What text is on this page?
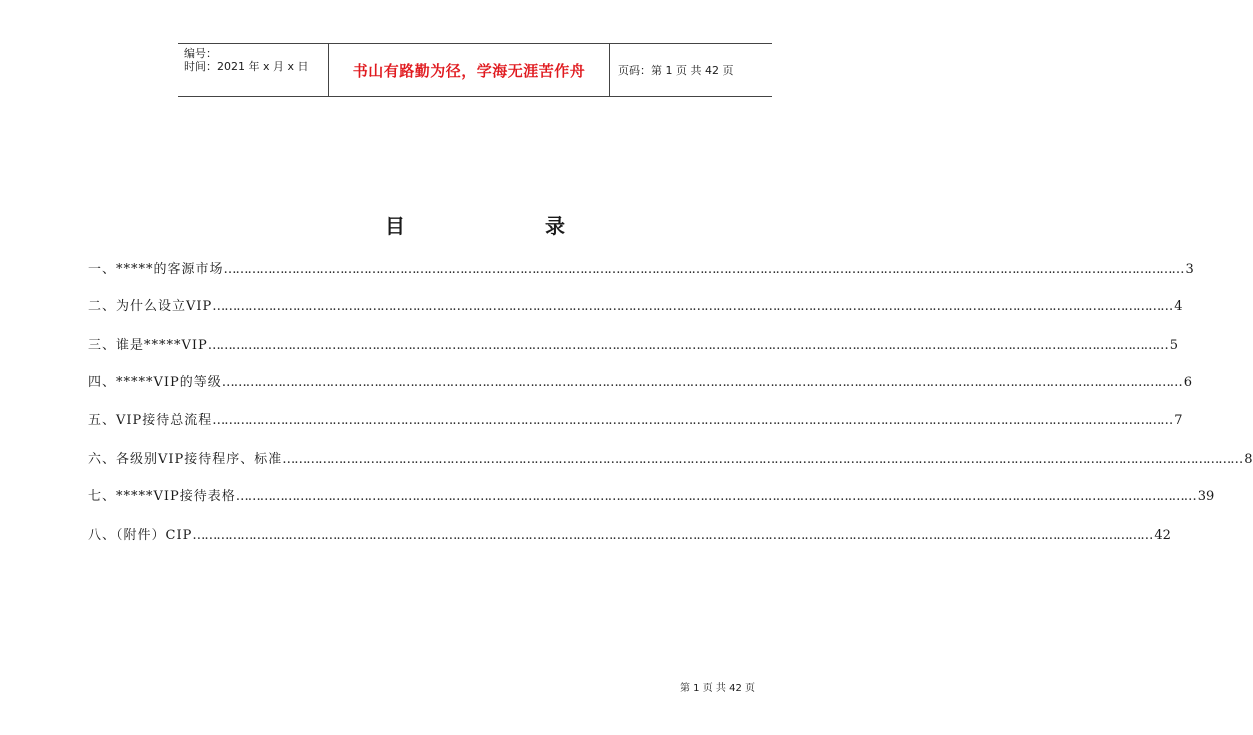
编号：
时间：2021 年 x 月 x 日	书山有路勤为径，学海无涯苦作舟	页码：第 1 页 共 42 页
目	录
一、*****的客源市场 …………………………………………………………………………………………………………………………………………………………………………………………………………………… 3
二、为什么设立VIP …………………………………………………………………………………………………………………………………………………………………………………………………………………… 4
三、谁是*****VIP …………………………………………………………………………………………………………………………………………………………………………………………………………………… 5
四、*****VIP的等级 …………………………………………………………………………………………………………………………………………………………………………………………………………………… 6
五、VIP接待总流程 …………………………………………………………………………………………………………………………………………………………………………………………………………………… 7
六、各级别VIP接待程序、标准 …………………………………………………………………………………………………………………………………………………………………………………………………………………… 8
七、*****VIP接待表格 …………………………………………………………………………………………………………………………………………………………………………………………………………………… 39
八、（附件）CIP …………………………………………………………………………………………………………………………………………………………………………………………………………………… 42
第 1 页 共 42 页
